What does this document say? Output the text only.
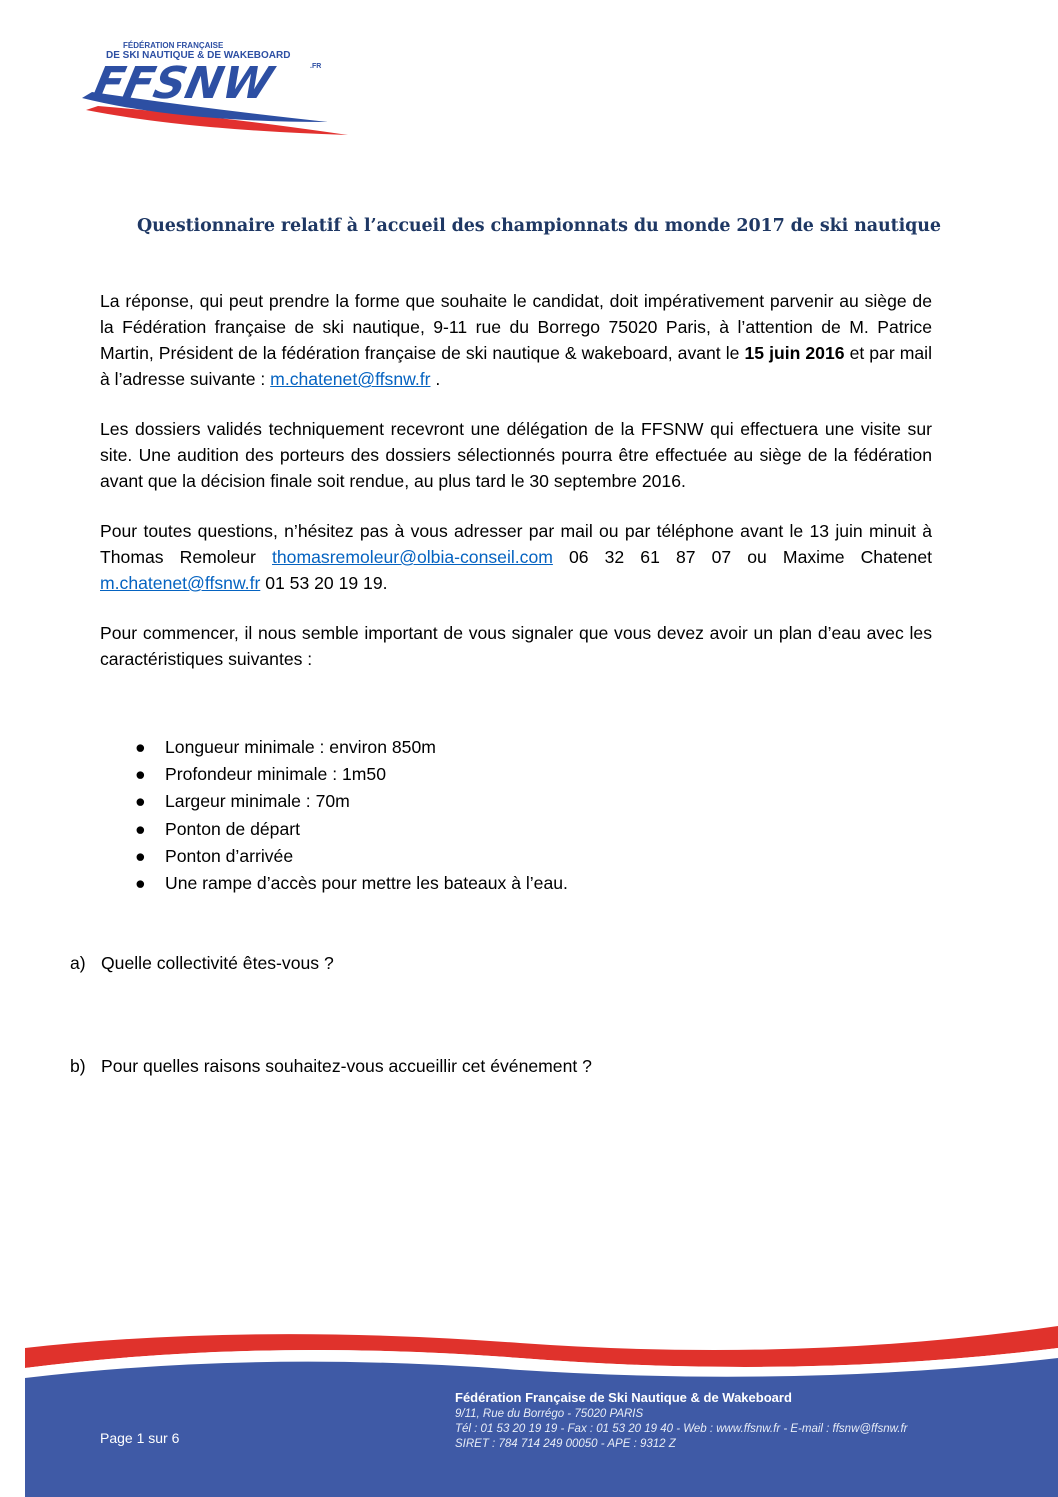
FÉDÉRATION FRANÇAISE
DE SKI NAUTIQUE & DE WAKEBOARD
FFSNW	.FR
Questionnaire relatif à l’accueil des championnats du monde 2017 de ski nautique

La réponse, qui peut prendre la forme que souhaite le candidat, doit impérativement parvenir au siège de la Fédération française de ski nautique, 9-11 rue du Borrego 75020 Paris, à l’attention de M. Patrice Martin, Président de la fédération française de ski nautique & wakeboard, avant le 15 juin 2016 et par mail à l’adresse suivante : m.chatenet@ffsnw.fr .

Les dossiers validés techniquement recevront une délégation de la FFSNW qui effectuera une visite sur site. Une audition des porteurs des dossiers sélectionnés pourra être effectuée au siège de la fédération avant que la décision finale soit rendue, au plus tard le 30 septembre 2016.

Pour toutes questions, n’hésitez pas à vous adresser par mail ou par téléphone avant le 13 juin minuit à Thomas Remoleur thomasremoleur@olbia-conseil.com 06 32 61 87 07 ou Maxime Chatenet m.chatenet@ffsnw.fr 01 53 20 19 19.

Pour commencer, il nous semble important de vous signaler que vous devez avoir un plan d’eau avec les caractéristiques suivantes :

● Longueur minimale : environ 850m
● Profondeur minimale : 1m50
● Largeur minimale : 70m
● Ponton de départ
● Ponton d’arrivée
● Une rampe d’accès pour mettre les bateaux à l’eau.
a) Quelle collectivité êtes-vous ?
b) Pour quelles raisons souhaitez-vous accueillir cet événement ?
Fédération Française de Ski Nautique & de Wakeboard
9/11, Rue du Borrégo - 75020 PARIS
Tél : 01 53 20 19 19 - Fax : 01 53 20 19 40 - Web : www.ffsnw.fr - E-mail : ffsnw@ffsnw.fr
SIRET : 784 714 249 00050 - APE : 9312 Z
Page 1 sur 6
